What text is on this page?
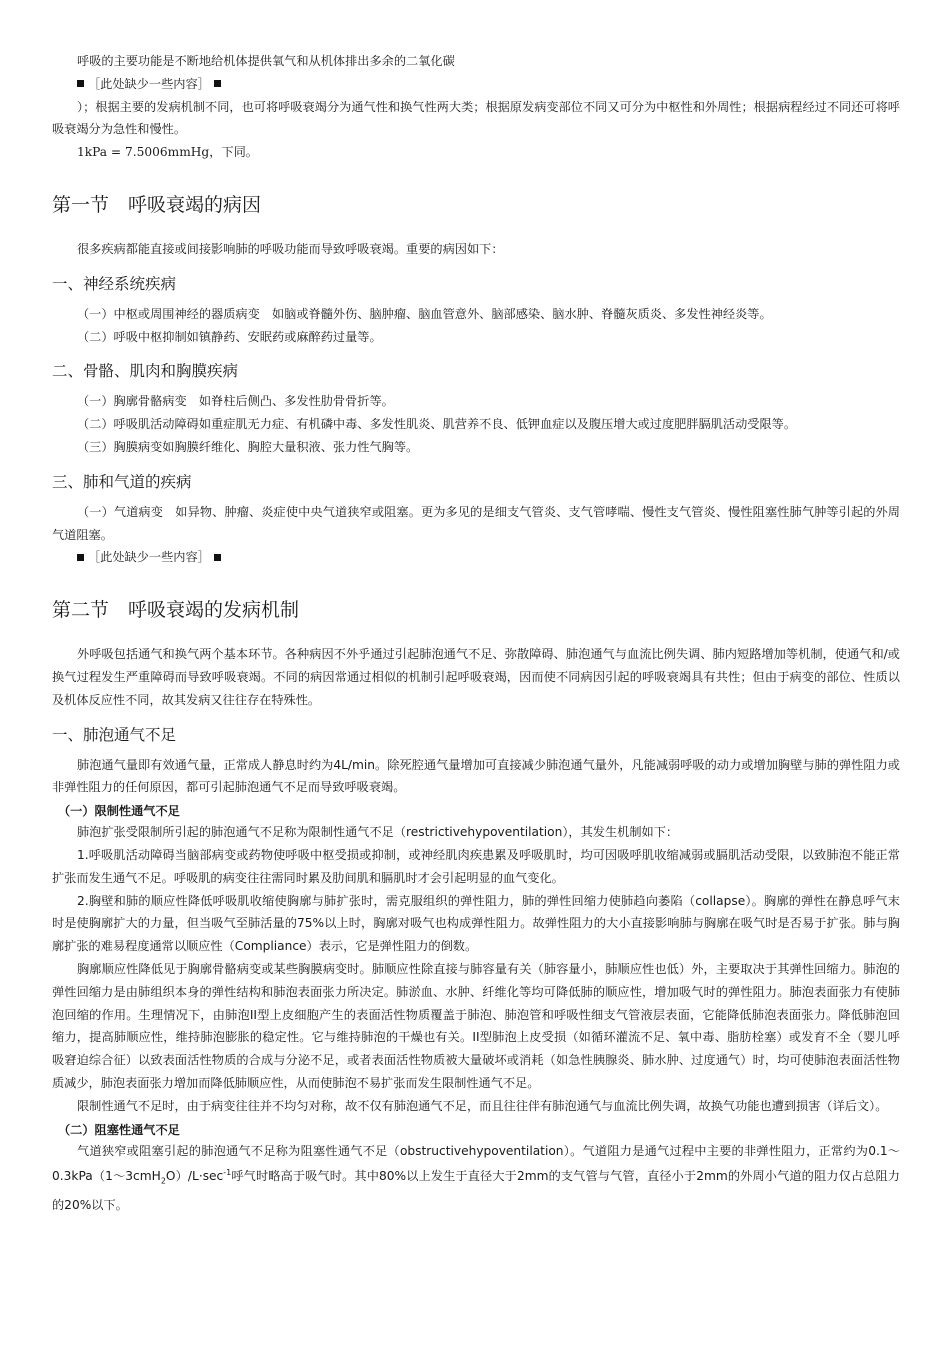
呼吸的主要功能是不断地给机体提供氧气和从机体排出多余的二氧化碳

［此处缺少一些内容］

）；根据主要的发病机制不同，也可将呼吸衰竭分为通气性和换气性两大类；根据原发病变部位不同又可分为中枢性和外周性；根据病程经过不同还可将呼吸衰竭分为急性和慢性。

1kPa = 7.5006mmHg，下同。

第一节　呼吸衰竭的病因

很多疾病都能直接或间接影响肺的呼吸功能而导致呼吸衰竭。重要的病因如下：

一、神经系统疾病

（一）中枢或周围神经的器质病变　如脑或脊髓外伤、脑肿瘤、脑血管意外、脑部感染、脑水肿、脊髓灰质炎、多发性神经炎等。

（二）呼吸中枢抑制如镇静药、安眠药或麻醉药过量等。

二、骨骼、肌肉和胸膜疾病

（一）胸廓骨骼病变　如脊柱后侧凸、多发性肋骨骨折等。

（二）呼吸肌活动障碍如重症肌无力症、有机磷中毒、多发性肌炎、肌营养不良、低钾血症以及腹压增大或过度肥胖膈肌活动受限等。

（三）胸膜病变如胸膜纤维化、胸腔大量积液、张力性气胸等。

三、肺和气道的疾病

（一）气道病变　如异物、肿瘤、炎症使中央气道狭窄或阻塞。更为多见的是细支气管炎、支气管哮喘、慢性支气管炎、慢性阻塞性肺气肿等引起的外周气道阻塞。

［此处缺少一些内容］

第二节　呼吸衰竭的发病机制

外呼吸包括通气和换气两个基本环节。各种病因不外乎通过引起肺泡通气不足、弥散障碍、肺泡通气与血流比例失调、肺内短路增加等机制，使通气和/或换气过程发生严重障碍而导致呼吸衰竭。不同的病因常通过相似的机制引起呼吸衰竭，因而使不同病因引起的呼吸衰竭具有共性；但由于病变的部位、性质以及机体反应性不同，故其发病又往往存在特殊性。

一、肺泡通气不足

肺泡通气量即有效通气量，正常成人静息时约为4L/min。除死腔通气量增加可直接减少肺泡通气量外，凡能减弱呼吸的动力或增加胸壁与肺的弹性阻力或非弹性阻力的任何原因，都可引起肺泡通气不足而导致呼吸衰竭。

（一）限制性通气不足

肺泡扩张受限制所引起的肺泡通气不足称为限制性通气不足（restrictivehypoventilation），其发生机制如下：

1.呼吸肌活动障碍当脑部病变或药物使呼吸中枢受损或抑制，或神经肌肉疾患累及呼吸肌时，均可因吸呼肌收缩减弱或膈肌活动受限，以致肺泡不能正常扩张而发生通气不足。呼吸肌的病变往往需同时累及肋间肌和膈肌时才会引起明显的血气变化。

2.胸壁和肺的顺应性降低呼吸肌收缩使胸廓与肺扩张时，需克服组织的弹性阻力，肺的弹性回缩力使肺趋向萎陷（collapse）。胸廓的弹性在静息呼气末时是使胸廓扩大的力量，但当吸气至肺活量的75%以上时，胸廓对吸气也构成弹性阻力。故弹性阻力的大小直接影响肺与胸廓在吸气时是否易于扩张。肺与胸廓扩张的难易程度通常以顺应性（Compliance）表示，它是弹性阻力的倒数。

胸廓顺应性降低见于胸廓骨骼病变或某些胸膜病变时。肺顺应性除直接与肺容量有关（肺容量小，肺顺应性也低）外，主要取决于其弹性回缩力。肺泡的弹性回缩力是由肺组织本身的弹性结构和肺泡表面张力所决定。肺淤血、水肿、纤维化等均可降低肺的顺应性，增加吸气时的弹性阻力。肺泡表面张力有使肺泡回缩的作用。生理情况下，由肺泡II型上皮细胞产生的表面活性物质覆盖于肺泡、肺泡管和呼吸性细支气管液层表面，它能降低肺泡表面张力。降低肺泡回缩力，提高肺顺应性，维持肺泡膨胀的稳定性。它与维持肺泡的干燥也有关。II型肺泡上皮受损（如循环灌流不足、氧中毒、脂肪栓塞）或发育不全（婴儿呼吸窘迫综合征）以致表面活性物质的合成与分泌不足，或者表面活性物质被大量破坏或消耗（如急性胰腺炎、肺水肿、过度通气）时，均可使肺泡表面活性物质减少，肺泡表面张力增加而降低肺顺应性，从而使肺泡不易扩张而发生限制性通气不足。

限制性通气不足时，由于病变往往并不均匀对称，故不仅有肺泡通气不足，而且往往伴有肺泡通气与血流比例失调，故换气功能也遭到损害（详后文）。

（二）阻塞性通气不足

气道狭窄或阻塞引起的肺泡通气不足称为阻塞性通气不足（obstructivehypoventilation）。气道阻力是通气过程中主要的非弹性阻力，正常约为$0.1\sim 0.3kPa(1\sim 3cmH_2O)/L\cdot\sec^{-1}$呼气时略高于吸气时。其中80%以上发生于直径大于2mm的支气管与气管，直径小于2mm的外周小气道的阻力仅占总阻力的20%以下。
